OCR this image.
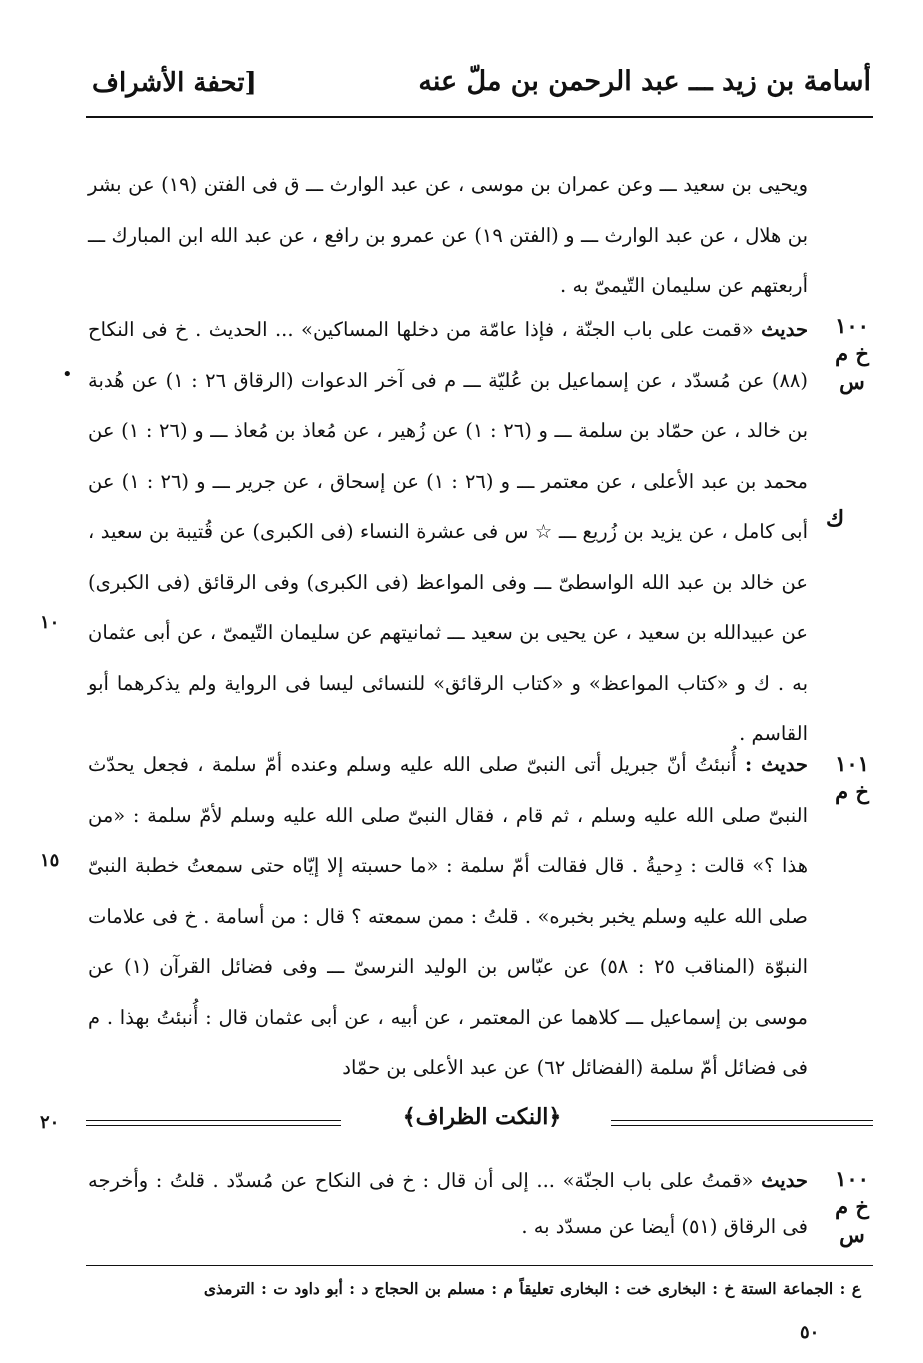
أسامة بن زيد ـــ عبد الرحمن بن ملّ عنه
[تحفة الأشراف

ويحيى بن سعيد ـــ وعن عمران بن موسى ، عن عبد الوارث ـــ ق فى الفتن (١٩) عن بشر بن هلال ، عن عبد الوارث ـــ و (الفتن ١٩) عن عمرو بن رافع ، عن عبد الله ابن المبارك ـــ أربعتهم عن سليمان التّيمىّ به .

١٠٠
خ م س
•
ك

حديث «قمت على باب الجنّة ، فإذا عامّة من دخلها المساكين» ... الحديث . خ فى النكاح (٨٨) عن مُسدّد ، عن إسماعيل بن عُليّة ـــ م فى آخر الدعوات (الرقاق ٢٦ : ١) عن هُدبة بن خالد ، عن حمّاد بن سلمة ـــ و (٢٦ : ١) عن زُهير ، عن مُعاذ بن مُعاذ ـــ و (٢٦ : ١) عن محمد بن عبد الأعلى ، عن معتمر ـــ و (٢٦ : ١) عن إسحاق ، عن جرير ـــ و (٢٦ : ١) عن أبى كامل ، عن يزيد بن زُريع ـــ ☆ س فى عشرة النساء (فى الكبرى) عن قُتيبة بن سعيد ، عن خالد بن عبد الله الواسطىّ ـــ وفى المواعظ (فى الكبرى) وفى الرقائق (فى الكبرى) عن عبيدالله بن سعيد ، عن يحيى بن سعيد ـــ ثمانيتهم عن سليمان التّيمىّ ، عن أبى عثمان به . ك و «كتاب المواعظ» و «كتاب الرقائق» للنسائى ليسا فى الرواية ولم يذكرهما أبو القاسم .

١٠
١٠١
خ م

حديث : أُنبئتُ أنّ جبريل أتى النبىّ صلى الله عليه وسلم وعنده أمّ سلمة ، فجعل يحدّث النبىّ صلى الله عليه وسلم ، ثم قام ، فقال النبىّ صلى الله عليه وسلم لأمّ سلمة : «من هذا ؟» قالت : دِحيةُ . قال فقالت أمّ سلمة : «ما حسبته إلا إيّاه حتى سمعتُ خطبة النبىّ صلى الله عليه وسلم يخبر بخبره» . قلتُ : ممن سمعته ؟ قال : من أسامة . خ فى علامات النبوّة (المناقب ٢٥ : ٥٨) عن عبّاس بن الوليد النرسىّ ـــ وفى فضائل القرآن (١) عن موسى بن إسماعيل ـــ كلاهما عن المعتمر ، عن أبيه ، عن أبى عثمان قال : أُنبئتُ بهذا . م فى فضائل أمّ سلمة (الفضائل ٦٢) عن عبد الأعلى بن حمّاد

١٥
﴿النكت الظراف﴾
٢٠
١٠٠
خ م س

حديث «قمتُ على باب الجنّة» ... إلى أن قال : خ فى النكاح عن مُسدّد . قلتُ : وأخرجه فى الرقاق (٥١) أيضا عن مسدّد به .

ع : الجماعة الستة خ : البخارى خت : البخارى تعليقاً م : مسلم بن الحجاج د : أبو داود ت : الترمذى
٥٠
